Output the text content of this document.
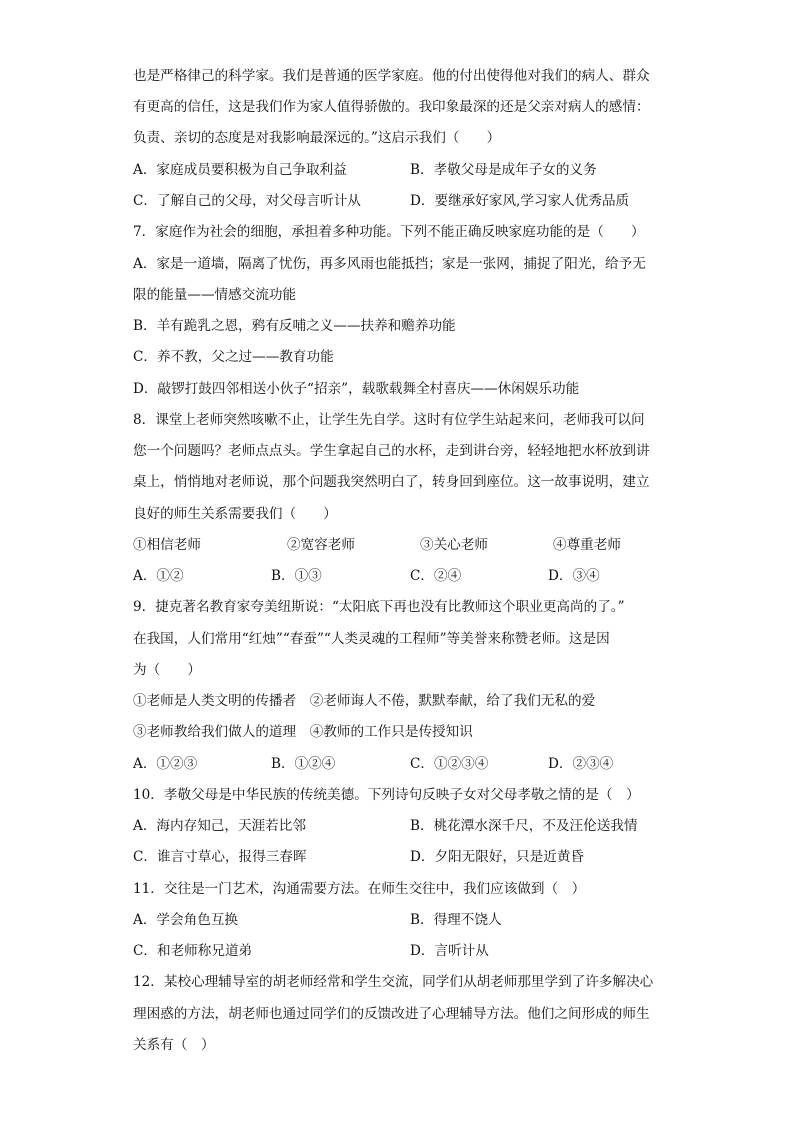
也是严格律己的科学家。我们是普通的医学家庭。他的付出使得他对我们的病人、群众
有更高的信任，这是我们作为家人值得骄傲的。我印象最深的还是父亲对病人的感情：
负责、亲切的态度是对我影响最深远的。”这启示我们（　　）
A．家庭成员要积极为自己争取利益	B．孝敬父母是成年子女的义务
C．了解自己的父母，对父母言听计从	D．要继承好家风,学习家人优秀品质
7．家庭作为社会的细胞，承担着多种功能。下列不能正确反映家庭功能的是（　　）
A．家是一道墙，隔离了忧伤，再多风雨也能抵挡；家是一张网，捕捉了阳光，给予无
限的能量——情感交流功能
B．羊有跪乳之恩，鸦有反哺之义——扶养和赡养功能
C．养不教，父之过——教育功能
D．敲锣打鼓四邻相送小伙子“招亲”，载歌载舞全村喜庆——休闲娱乐功能
8．课堂上老师突然咳嗽不止，让学生先自学。这时有位学生站起来问，老师我可以问
您一个问题吗？老师点点头。学生拿起自己的水杯，走到讲台旁，轻轻地把水杯放到讲
桌上，悄悄地对老师说，那个问题我突然明白了，转身回到座位。这一故事说明，建立
良好的师生关系需要我们（　　）
①相信老师	②宽容老师	③关心老师	④尊重老师
A．①②	B．①③	C．②④	D．③④
9．捷克著名教育家夸美纽斯说：“太阳底下再也没有比教师这个职业更高尚的了。”
在我国，人们常用“红烛”“春蚕”“人类灵魂的工程师”等美誉来称赞老师。这是因
为（　　）
①老师是人类文明的传播者　②老师诲人不倦，默默奉献，给了我们无私的爱
③老师教给我们做人的道理　④教师的工作只是传授知识
A．①②③	B．①②④	C．①②③④	D．②③④
10．孝敬父母是中华民族的传统美德。下列诗句反映子女对父母孝敬之情的是（　）
A．海内存知己，天涯若比邻	B．桃花潭水深千尺，不及汪伦送我情
C．谁言寸草心，报得三春晖	D．夕阳无限好，只是近黄昏
11．交往是一门艺术，沟通需要方法。在师生交往中，我们应该做到（　）
A．学会角色互换	B．得理不饶人
C．和老师称兄道弟	D．言听计从
12．某校心理辅导室的胡老师经常和学生交流，同学们从胡老师那里学到了许多解决心
理困惑的方法，胡老师也通过同学们的反馈改进了心理辅导方法。他们之间形成的师生
关系有（　）
